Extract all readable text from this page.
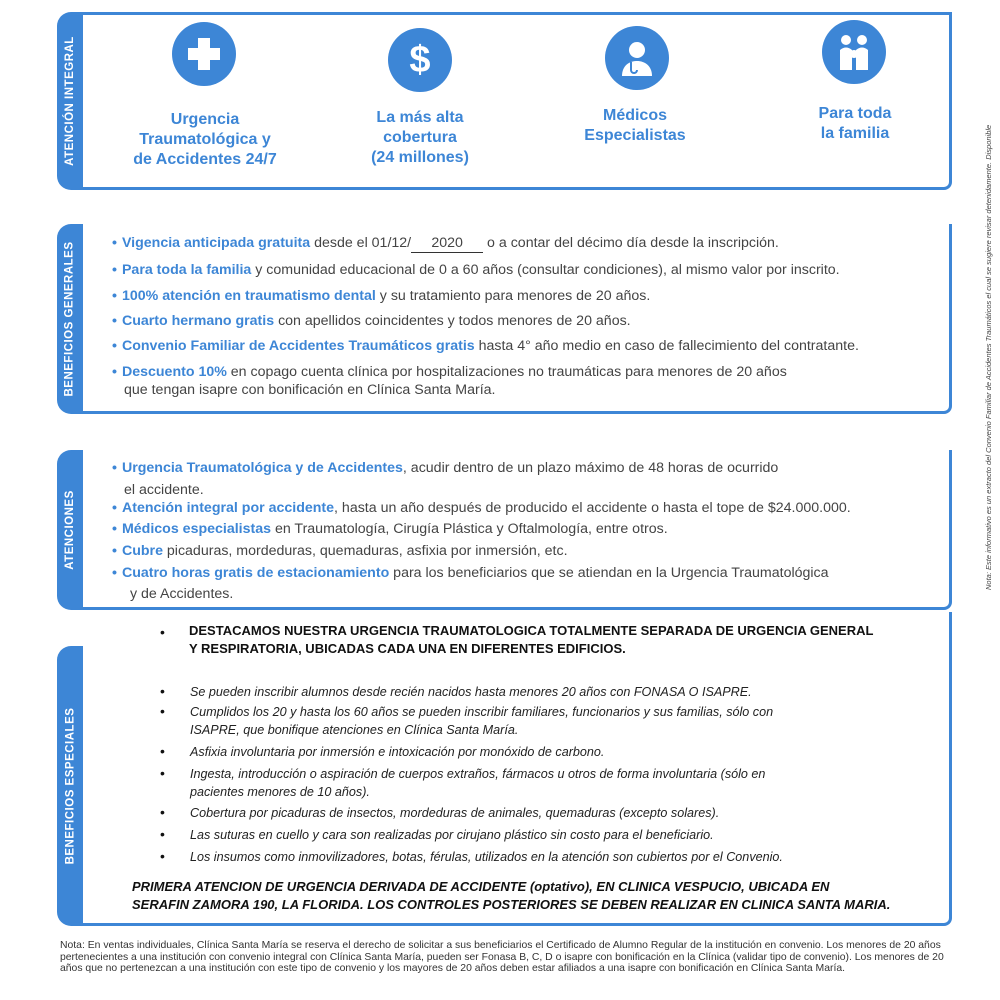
ATENCIÓN INTEGRAL	$
Urgencia
Traumatológica y
de Accidentes 24/7
La más alta
cobertura
(24 millones)
Médicos
Especialistas
Para toda
la familia
BENEFICIOS GENERALES	• Vigencia anticipada gratuita desde el 01/12/ 2020 o a contar del décimo día desde la inscripción.
• Para toda la familia y comunidad educacional de 0 a 60 años (consultar condiciones), al mismo valor por inscrito.
• 100% atención en traumatismo dental y su tratamiento para menores de 20 años.
• Cuarto hermano gratis con apellidos coincidentes y todos menores de 20 años.
• Convenio Familiar de Accidentes Traumáticos gratis hasta 4° año medio en caso de fallecimiento del contratante.
• Descuento 10% en copago cuenta clínica por hospitalizaciones no traumáticas para menores de 20 años
que tengan isapre con bonificación en Clínica Santa María.
ATENCIONES
• Urgencia Traumatológica y de Accidentes, acudir dentro de un plazo máximo de 48 horas de ocurrido
el accidente.
• Atención integral por accidente, hasta un año después de producido el accidente o hasta el tope de $24.000.000.
• Médicos especialistas en Traumatología, Cirugía Plástica y Oftalmología, entre otros.
• Cubre picaduras, mordeduras, quemaduras, asfixia por inmersión, etc.
• Cuatro horas gratis de estacionamiento para los beneficiarios que se atiendan en la Urgencia Traumatológica
y de Accidentes.
BENEFICIOS ESPECIALES
• DESTACAMOS NUESTRA URGENCIA TRAUMATOLOGICA TOTALMENTE SEPARADA DE URGENCIA GENERAL
Y RESPIRATORIA, UBICADAS CADA UNA EN DIFERENTES EDIFICIOS.
• Se pueden inscribir alumnos desde recién nacidos hasta menores 20 años con FONASA O ISAPRE.
• Cumplidos los 20 y hasta los 60 años se pueden inscribir familiares, funcionarios y sus familias, sólo con
ISAPRE, que bonifique atenciones en Clínica Santa María.
• Asfixia involuntaria por inmersión e intoxicación por monóxido de carbono.
• Ingesta, introducción o aspiración de cuerpos extraños, fármacos u otros de forma involuntaria (sólo en
pacientes menores de 10 años).
• Cobertura por picaduras de insectos, mordeduras de animales, quemaduras (excepto solares).
• Las suturas en cuello y cara son realizadas por cirujano plástico sin costo para el beneficiario.
• Los insumos como inmovilizadores, botas, férulas, utilizados en la atención son cubiertos por el Convenio.
PRIMERA ATENCION DE URGENCIA DERIVADA DE ACCIDENTE (optativo), EN CLINICA VESPUCIO, UBICADA EN
SERAFIN ZAMORA 190, LA FLORIDA. LOS CONTROLES POSTERIORES SE DEBEN REALIZAR EN CLINICA SANTA MARIA.
Nota: En ventas individuales, Clínica Santa María se reserva el derecho de solicitar a sus beneficiarios el Certificado de Alumno Regular de la institución en convenio. Los menores de 20 años pertenecientes a una institución con convenio integral con Clínica Santa María, pueden ser Fonasa B, C, D o isapre con bonificación en la Clínica (validar tipo de convenio). Los menores de 20 años que no pertenezcan a una institución con este tipo de convenio y los mayores de 20 años deben estar afiliados a una isapre con bonificación en Clínica Santa María.
Nota: Este informativo es un extracto del Convenio Familiar de Accidentes Traumáticos el cual se sugiere revisar detenidamente. Disponible
